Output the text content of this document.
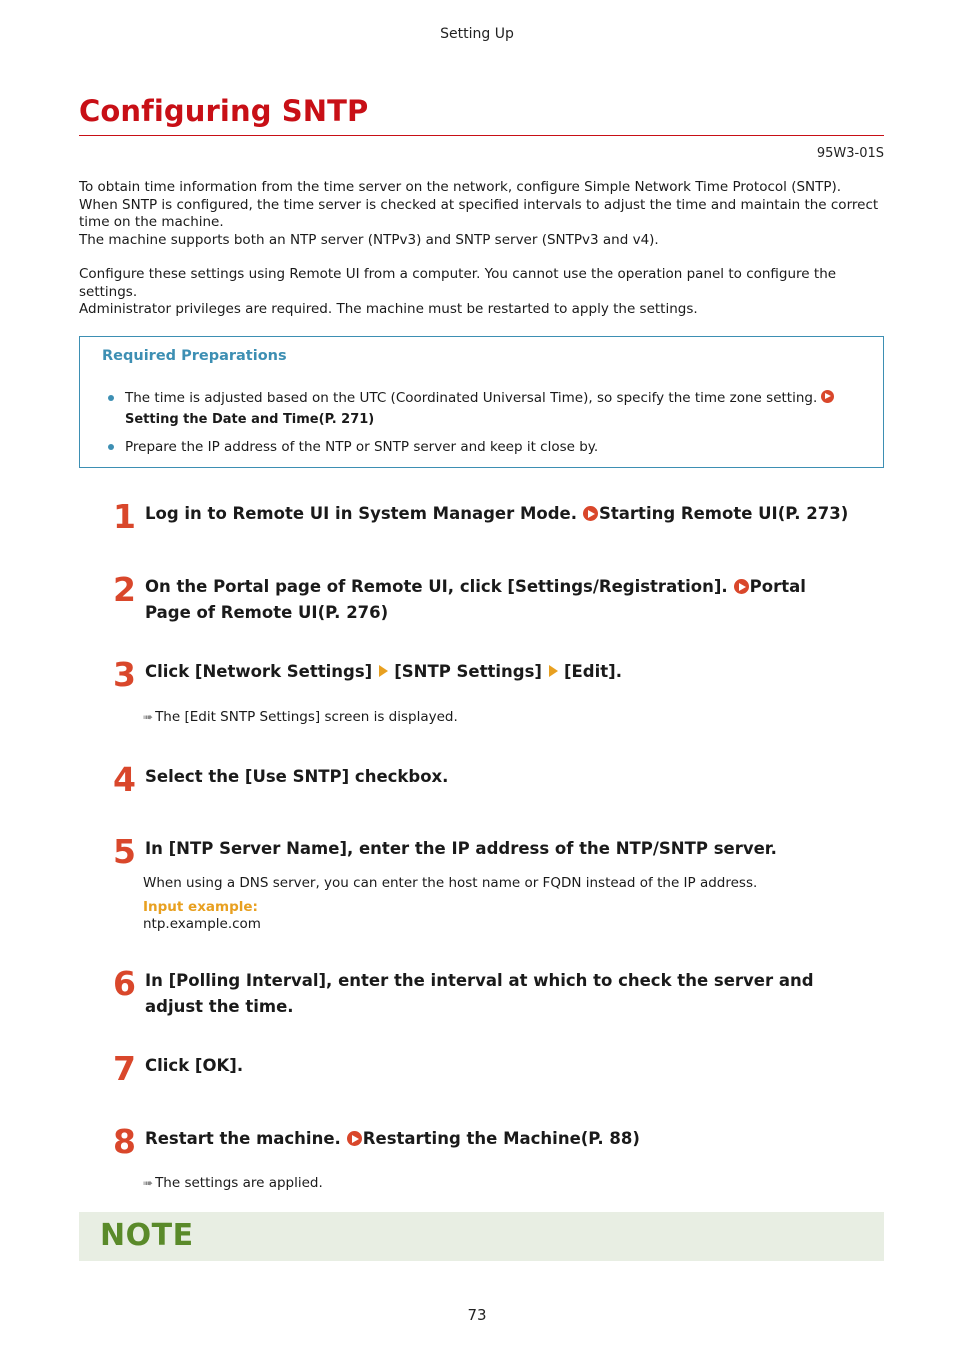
Setting Up
Configuring SNTP
95W3-01S
To obtain time information from the time server on the network, configure Simple Network Time Protocol (SNTP).
When SNTP is configured, the time server is checked at specified intervals to adjust the time and maintain the correct time on the machine.
The machine supports both an NTP server (NTPv3) and SNTP server (SNTPv3 and v4).
Configure these settings using Remote UI from a computer. You cannot use the operation panel to configure the settings.
Administrator privileges are required. The machine must be restarted to apply the settings.
Required Preparations
The time is adjusted based on the UTC (Coordinated Universal Time), so specify the time zone setting.
Setting the Date and Time(P. 271)
Prepare the IP address of the NTP or SNTP server and keep it close by.
1 Log in to Remote UI in System Manager Mode. Starting Remote UI(P. 273)
2 On the Portal page of Remote UI, click [Settings/Registration]. Portal Page of Remote UI(P. 276)
3 Click [Network Settings] [SNTP Settings] [Edit].
➠ The [Edit SNTP Settings] screen is displayed.
4 Select the [Use SNTP] checkbox.
5 In [NTP Server Name], enter the IP address of the NTP/SNTP server.
When using a DNS server, you can enter the host name or FQDN instead of the IP address.
Input example:
ntp.example.com
6 In [Polling Interval], enter the interval at which to check the server and adjust the time.
7 Click [OK].
8 Restart the machine. Restarting the Machine(P. 88)
➠ The settings are applied.
NOTE
73
